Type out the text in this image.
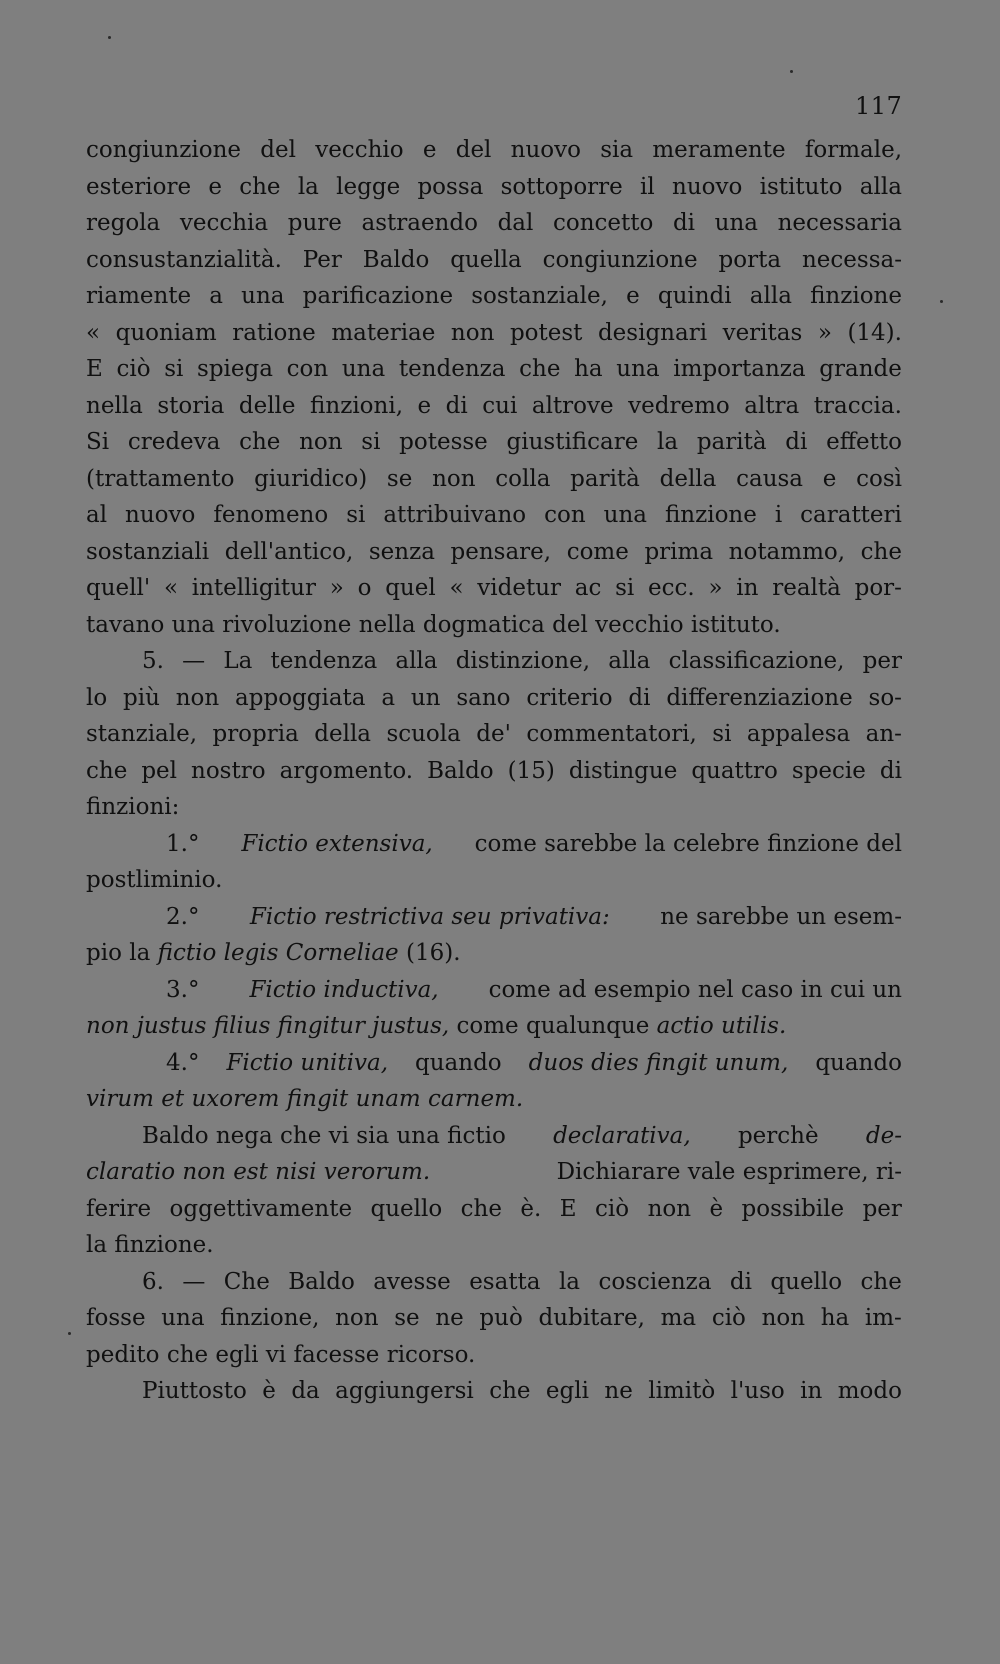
117
congiunzione del vecchio e del nuovo sia meramente formale,
esteriore e che la legge possa sottoporre il nuovo istituto alla
regola vecchia pure astraendo dal concetto di una necessaria
consustanzialità. Per Baldo quella congiunzione porta necessa-
riamente a una parificazione sostanziale, e quindi alla finzione
« quoniam ratione materiae non potest designari veritas » (14).
E ciò si spiega con una tendenza che ha una importanza grande
nella storia delle finzioni, e di cui altrove vedremo altra traccia.
Si credeva che non si potesse giustificare la parità di effetto
(trattamento giuridico) se non colla parità della causa e così
al nuovo fenomeno si attribuivano con una finzione i caratteri
sostanziali dell'antico, senza pensare, come prima notammo, che
quell' « intelligitur » o quel « videtur ac si ecc. » in realtà por-
tavano una rivoluzione nella dogmatica del vecchio istituto.
5. — La tendenza alla distinzione, alla classificazione, per
lo più non appoggiata a un sano criterio di differenziazione so-
stanziale, propria della scuola de' commentatori, si appalesa an-
che pel nostro argomento. Baldo (15) distingue quattro specie di
finzioni:
1.° Fictio extensiva, come sarebbe la celebre finzione del
postliminio.
2.° Fictio restrictiva seu privativa: ne sarebbe un esem-
pio la fictio legis Corneliae (16).
3.° Fictio inductiva, come ad esempio nel caso in cui un
non justus filius fingitur justus, come qualunque actio utilis.
4.° Fictio unitiva, quando duos dies fingit unum, quando
virum et uxorem fingit unam carnem.
Baldo nega che vi sia una fictio declarativa, perchè de-
claratio non est nisi verorum.	Dichiarare vale esprimere, ri-
ferire oggettivamente quello che è. E ciò non è possibile per
la finzione.
6. — Che Baldo avesse esatta la coscienza di quello che
fosse una finzione, non se ne può dubitare, ma ciò non ha im-
pedito che egli vi facesse ricorso.
Piuttosto è da aggiungersi che egli ne limitò l'uso in modo
